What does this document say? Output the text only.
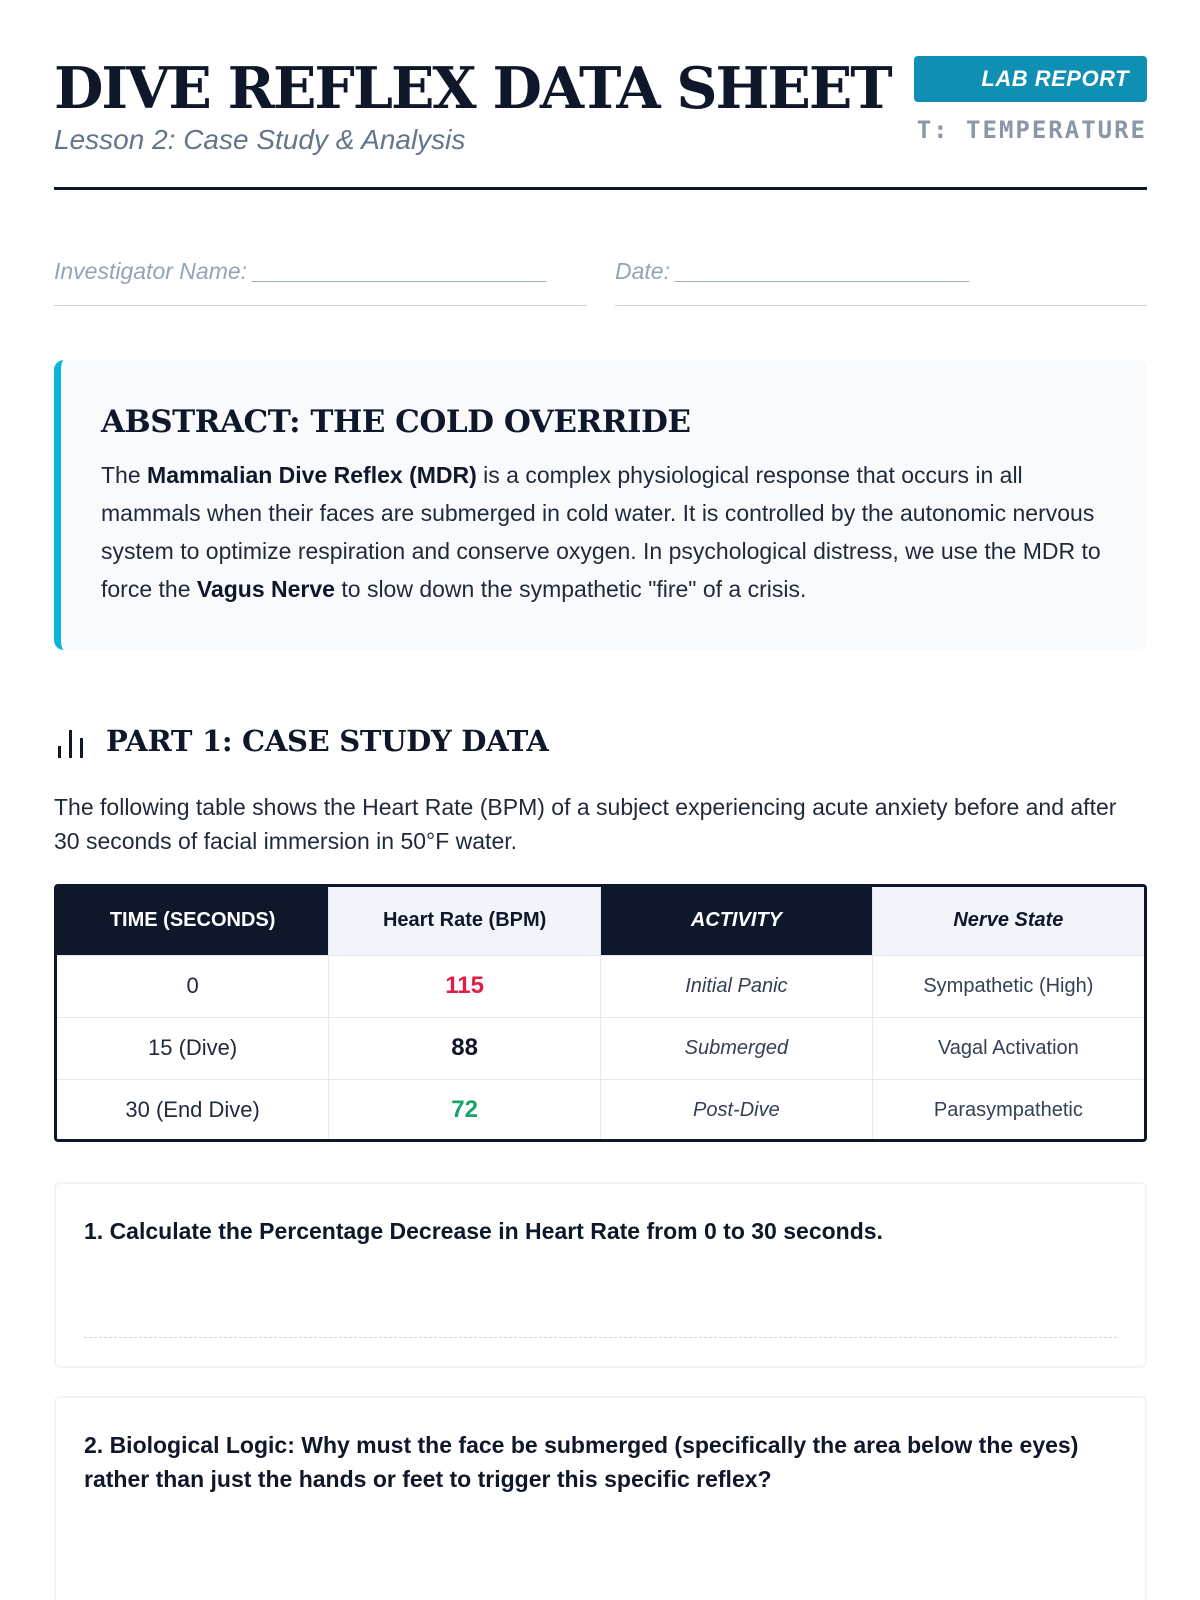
DIVE REFLEX DATA SHEET
Lesson 2: Case Study & Analysis
LAB REPORT
T: TEMPERATURE
Investigator Name: _______________________	Date: _______________________
ABSTRACT: THE COLD OVERRIDE

The Mammalian Dive Reflex (MDR) is a complex physiological response that occurs in all mammals when their faces are submerged in cold water. It is controlled by the autonomic nervous system to optimize respiration and conserve oxygen. In psychological distress, we use the MDR to force the Vagus Nerve to slow down the sympathetic "fire" of a crisis.

PART 1: CASE STUDY DATA
The following table shows the Heart Rate (BPM) of a subject experiencing acute anxiety before and after 30 seconds of facial immersion in 50°F water.
TIME (SECONDS)	Heart Rate (BPM)	ACTIVITY	Nerve State
0	115	Initial Panic	Sympathetic (High)
15 (Dive)	88	Submerged	Vagal Activation
30 (End Dive)	72	Post-Dive	Parasympathetic
1. Calculate the Percentage Decrease in Heart Rate from 0 to 30 seconds.
2. Biological Logic: Why must the face be submerged (specifically the area below the eyes) rather than just the hands or feet to trigger this specific reflex?
